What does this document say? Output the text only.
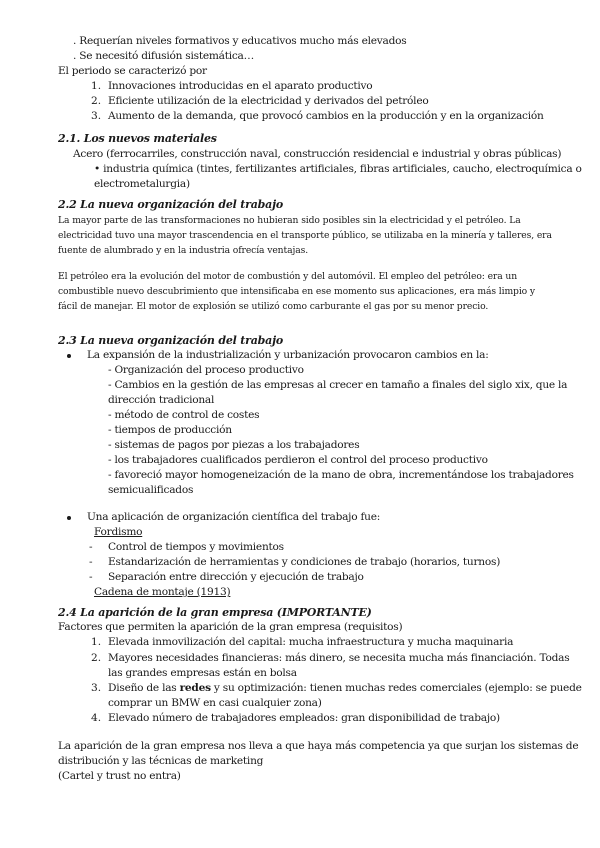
. Requerían niveles formativos y educativos mucho más elevados
. Se necesitó difusión sistemática…
El periodo se caracterizó por
1. Innovaciones introducidas en el aparato productivo
2. Eficiente utilización de la electricidad y derivados del petróleo
3. Aumento de la demanda, que provocó cambios en la producción y en la organización
2.1. Los nuevos materiales
Acero (ferrocarriles, construcción naval, construcción residencial e industrial y obras públicas)
• industria química (tintes, fertilizantes artificiales, fibras artificiales, caucho, electroquímica o
electrometalurgia)
2.2 La nueva organización del trabajo
La mayor parte de las transformaciones no hubieran sido posibles sin la electricidad y el petróleo. La
electricidad tuvo una mayor trascendencia en el transporte público, se utilizaba en la minería y talleres, era
fuente de alumbrado y en la industria ofrecía ventajas.
El petróleo era la evolución del motor de combustión y del automóvil. El empleo del petróleo: era un
combustible nuevo descubrimiento que intensificaba en ese momento sus aplicaciones, era más limpio y
fácil de manejar. El motor de explosión se utilizó como carburante el gas por su menor precio.
2.3 La nueva organización del trabajo
La expansión de la industrialización y urbanización provocaron cambios en la:
- Organización del proceso productivo
- Cambios en la gestión de las empresas al crecer en tamaño a finales del siglo xix, que la
dirección tradicional
- método de control de costes
- tiempos de producción
- sistemas de pagos por piezas a los trabajadores
- los trabajadores cualificados perdieron el control del proceso productivo
- favoreció mayor homogeneización de la mano de obra, incrementándose los trabajadores
semicualificados
Una aplicación de organización científica del trabajo fue:
Fordismo
- Control de tiempos y movimientos
- Estandarización de herramientas y condiciones de trabajo (horarios, turnos)
- Separación entre dirección y ejecución de trabajo
Cadena de montaje (1913)
2.4 La aparición de la gran empresa (IMPORTANTE)
Factores que permiten la aparición de la gran empresa (requisitos)
1. Elevada inmovilización del capital: mucha infraestructura y mucha maquinaria
2. Mayores necesidades financieras: más dinero, se necesita mucha más financiación. Todas
las grandes empresas están en bolsa
3. Diseño de las redes y su optimización: tienen muchas redes comerciales (ejemplo: se puede
comprar un BMW en casi cualquier zona)
4. Elevado número de trabajadores empleados: gran disponibilidad de trabajo)
La aparición de la gran empresa nos lleva a que haya más competencia ya que surjan los sistemas de
distribución y las técnicas de marketing
(Cartel y trust no entra)
